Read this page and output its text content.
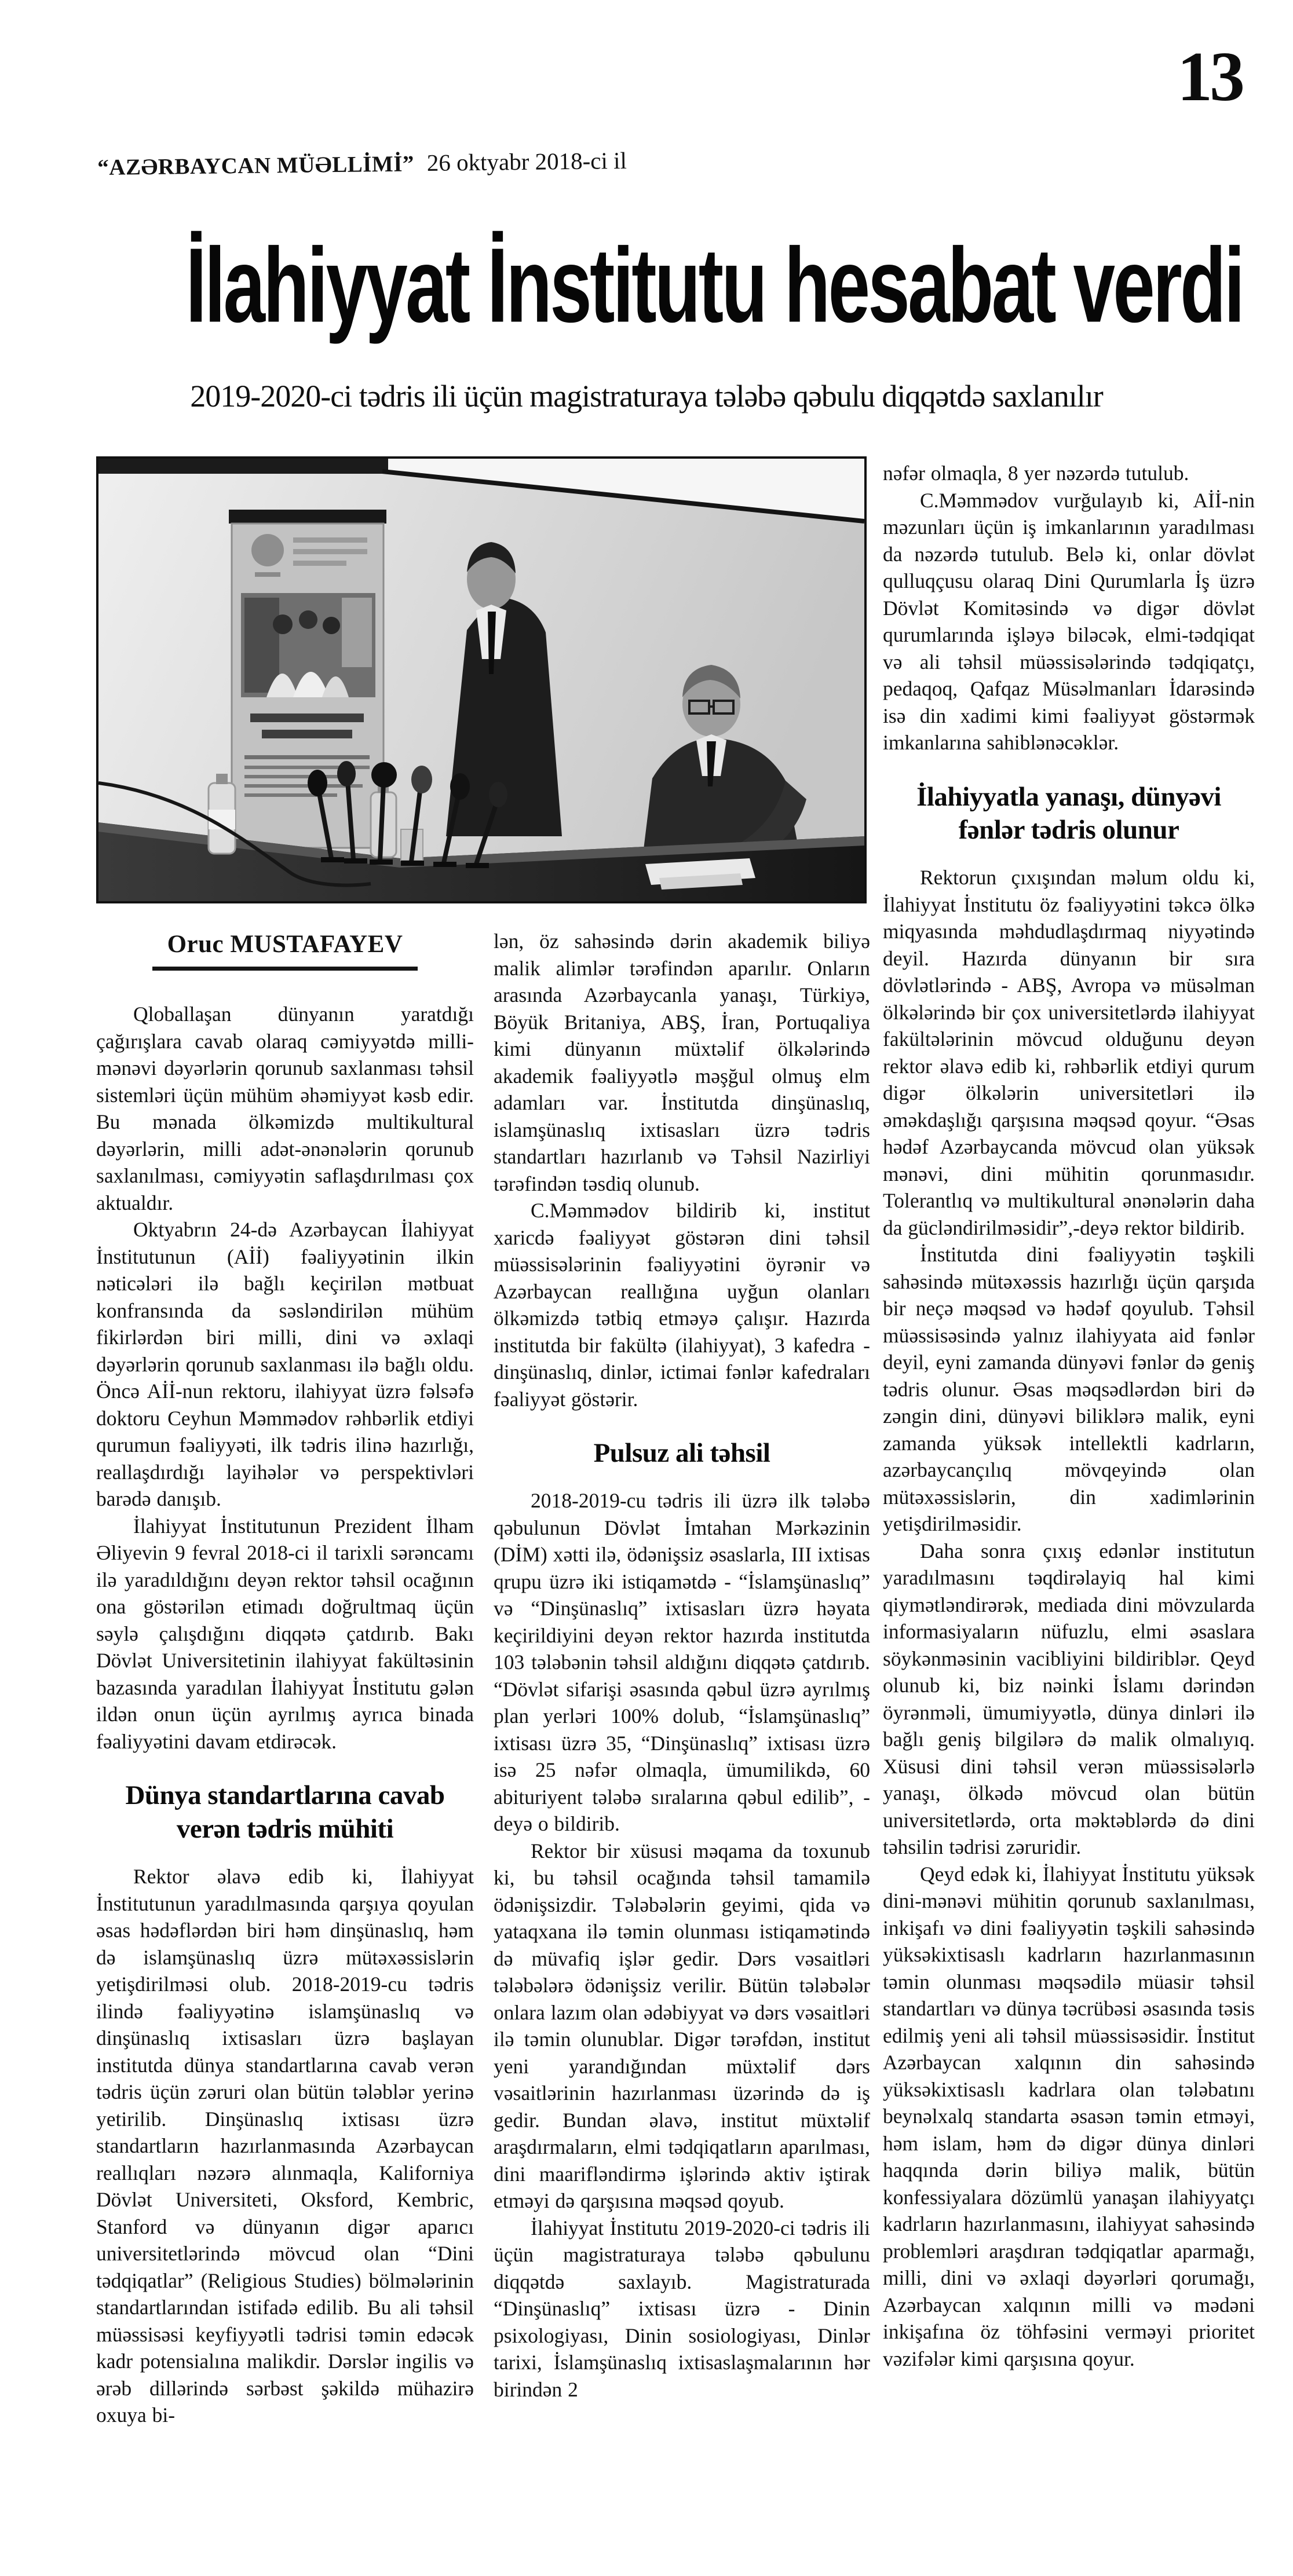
13
“AZƏRBAYCAN MÜƏLLİMİ” 26 oktyabr 2018-ci il
İlahiyyat İnstitutu hesabat verdi
2019-2020-ci tədris ili üçün magistraturaya tələbə qəbulu diqqətdə saxlanılır
Oruc MUSTAFAYEV

Qloballaşan dünyanın yaratdığı çağırışlara cavab olaraq cəmiyyətdə milli-mənəvi dəyərlərin qorunub saxlanması təhsil sistemləri üçün mühüm əhəmiyyət kəsb edir. Bu mənada ölkəmizdə multikultural dəyərlərin, milli adət-ənənələrin qorunub saxlanılması, cəmiyyətin saflaşdırılması çox aktualdır.

Oktyabrın 24-də Azərbaycan İlahiyyat İnstitutunun (Aİİ) fəaliyyətinin ilkin nəticələri ilə bağlı keçirilən mətbuat konfransında da səsləndirilən mühüm fikirlərdən biri milli, dini və əxlaqi dəyərlərin qorunub saxlanması ilə bağlı oldu. Öncə Aİİ-nun rektoru, ilahiyyat üzrə fəlsəfə doktoru Ceyhun Məmmədov rəhbərlik etdiyi qurumun fəaliyyəti, ilk tədris ilinə hazırlığı, reallaşdırdığı layihələr və perspektivləri barədə danışıb.

İlahiyyat İnstitutunun Prezident İlham Əliyevin 9 fevral 2018-ci il tarixli sərəncamı ilə yaradıldığını deyən rektor təhsil ocağının ona göstərilən etimadı doğrultmaq üçün səylə çalışdığını diqqətə çatdırıb. Bakı Dövlət Universitetinin ilahiyyat fakültəsinin bazasında yaradılan İlahiyyat İnstitutu gələn ildən onun üçün ayrılmış ayrıca binada fəaliyyətini davam etdirəcək.

Dünya standartlarına cavab verən tədris mühiti

Rektor əlavə edib ki, İlahiyyat İnstitutunun yaradılmasında qarşıya qoyulan əsas hədəflərdən biri həm dinşünaslıq, həm də islamşünaslıq üzrə mütəxəssislərin yetişdirilməsi olub. 2018-2019-cu tədris ilində fəaliyyətinə islamşünaslıq və dinşünaslıq ixtisasları üzrə başlayan institutda dünya standartlarına cavab verən tədris üçün zəruri olan bütün tələblər yerinə yetirilib. Dinşünaslıq ixtisası üzrə standartların hazırlanmasında Azərbaycan reallıqları nəzərə alınmaqla, Kaliforniya Dövlət Universiteti, Oksford, Kembric, Stanford və dünyanın digər aparıcı universitetlərində mövcud olan “Dini tədqiqatlar” (Religious Studies) bölmələrinin standartlarından istifadə edilib. Bu ali təhsil müəssisəsi keyfiyyətli tədrisi təmin edəcək kadr potensialına malikdir. Dərslər ingilis və ərəb dillərində sərbəst şəkildə mühazirə oxuya bi-

lən, öz sahəsində dərin akademik biliyə malik alimlər tərəfindən aparılır. Onların arasında Azərbaycanla yanaşı, Türkiyə, Böyük Britaniya, ABŞ, İran, Portuqaliya kimi dünyanın müxtəlif ölkələrində akademik fəaliyyətlə məşğul olmuş elm adamları var. İnstitutda dinşünaslıq, islamşünaslıq ixtisasları üzrə tədris standartları hazırlanıb və Təhsil Nazirliyi tərəfindən təsdiq olunub.

C.Məmmədov bildirib ki, institut xaricdə fəaliyyət göstərən dini təhsil müəssisələrinin fəaliyyətini öyrənir və Azərbaycan reallığına uyğun olanları ölkəmizdə tətbiq etməyə çalışır. Hazırda institutda bir fakültə (ilahiyyat), 3 kafedra - dinşünaslıq, dinlər, ictimai fənlər kafedraları fəaliyyət göstərir.

Pulsuz ali təhsil

2018-2019-cu tədris ili üzrə ilk tələbə qəbulunun Dövlət İmtahan Mərkəzinin (DİM) xətti ilə, ödənişsiz əsaslarla, III ixtisas qrupu üzrə iki istiqamətdə - “İslamşünaslıq” və “Dinşünaslıq” ixtisasları üzrə həyata keçirildiyini deyən rektor hazırda institutda 103 tələbənin təhsil aldığını diqqətə çatdırıb. “Dövlət sifarişi əsasında qəbul üzrə ayrılmış plan yerləri 100% dolub, “İslamşünaslıq” ixtisası üzrə 35, “Dinşünaslıq” ixtisası üzrə isə 25 nəfər olmaqla, ümumilikdə, 60 abituriyent tələbə sıralarına qəbul edilib”, - deyə o bildirib.

Rektor bir xüsusi məqama da toxunub ki, bu təhsil ocağında təhsil tamamilə ödənişsizdir. Tələbələrin geyimi, qida və yataqxana ilə təmin olunması istiqamətində də müvafiq işlər gedir. Dərs vəsaitləri tələbələrə ödənişsiz verilir. Bütün tələbələr onlara lazım olan ədəbiyyat və dərs vəsaitləri ilə təmin olunublar. Digər tərəfdən, institut yeni yarandığından müxtəlif dərs vəsaitlərinin hazırlanması üzərində də iş gedir. Bundan əlavə, institut müxtəlif araşdırmaların, elmi tədqiqatların aparılması, dini maarifləndirmə işlərində aktiv iştirak etməyi də qarşısına məqsəd qoyub.

İlahiyyat İnstitutu 2019-2020-ci tədris ili üçün magistraturaya tələbə qəbulunu diqqətdə saxlayıb. Magistraturada “Dinşünaslıq” ixtisası üzrə - Dinin psixologiyası, Dinin sosiologiyası, Dinlər tarixi, İslamşünaslıq ixtisaslaşmalarının hər birindən 2

nəfər olmaqla, 8 yer nəzərdə tutulub.

C.Məmmədov vurğulayıb ki, Aİİ-nin məzunları üçün iş imkanlarının yaradılması da nəzərdə tutulub. Belə ki, onlar dövlət qulluqçusu olaraq Dini Qurumlarla İş üzrə Dövlət Komitəsində və digər dövlət qurumlarında işləyə biləcək, elmi-tədqiqat və ali təhsil müəssisələrində tədqiqatçı, pedaqoq, Qafqaz Müsəlmanları İdarəsində isə din xadimi kimi fəaliyyət göstərmək imkanlarına sahiblənəcəklər.

İlahiyyatla yanaşı, dünyəvi fənlər tədris olunur

Rektorun çıxışından məlum oldu ki, İlahiyyat İnstitutu öz fəaliyyətini təkcə ölkə miqyasında məhdudlaşdırmaq niyyətində deyil. Hazırda dünyanın bir sıra dövlətlərində - ABŞ, Avropa və müsəlman ölkələrində bir çox universitetlərdə ilahiyyat fakültələrinin mövcud olduğunu deyən rektor əlavə edib ki, rəhbərlik etdiyi qurum digər ölkələrin universitetləri ilə əməkdaşlığı qarşısına məqsəd qoyur. “Əsas hədəf Azərbaycanda mövcud olan yüksək mənəvi, dini mühitin qorunmasıdır. Tolerantlıq və multikultural ənənələrin daha da gücləndirilməsidir”,-deyə rektor bildirib.

İnstitutda dini fəaliyyətin təşkili sahəsində mütəxəssis hazırlığı üçün qarşıda bir neçə məqsəd və hədəf qoyulub. Təhsil müəssisəsində yalnız ilahiyyata aid fənlər deyil, eyni zamanda dünyəvi fənlər də geniş tədris olunur. Əsas məqsədlərdən biri də zəngin dini, dünyəvi biliklərə malik, eyni zamanda yüksək intellektli kadrların, azərbaycançılıq mövqeyində olan mütəxəssislərin, din xadimlərinin yetişdirilməsidir.

Daha sonra çıxış edənlər institutun yaradılmasını təqdirəlayiq hal kimi qiymətləndirərək, mediada dini mövzularda informasiyaların nüfuzlu, elmi əsaslara söykənməsinin vacibliyini bildiriblər. Qeyd olunub ki, biz nəinki İslamı dərindən öyrənməli, ümumiyyətlə, dünya dinləri ilə bağlı geniş bilgilərə də malik olmalıyıq. Xüsusi dini təhsil verən müəssisələrlə yanaşı, ölkədə mövcud olan bütün universitetlərdə, orta məktəblərdə də dini təhsilin tədrisi zəruridir.

Qeyd edək ki, İlahiyyat İnstitutu yüksək dini-mənəvi mühitin qorunub saxlanılması, inkişafı və dini fəaliyyətin təşkili sahəsində yüksəkixtisaslı kadrların hazırlanmasının təmin olunması məqsədilə müasir təhsil standartları və dünya təcrübəsi əsasında təsis edilmiş yeni ali təhsil müəssisəsidir. İnstitut Azərbaycan xalqının din sahəsində yüksəkixtisaslı kadrlara olan tələbatını beynəlxalq standarta əsasən təmin etməyi, həm islam, həm də digər dünya dinləri haqqında dərin biliyə malik, bütün konfessiyalara dözümlü yanaşan ilahiyyatçı kadrların hazırlanmasını, ilahiyyat sahəsində problemləri araşdıran tədqiqatlar aparmağı, milli, dini və əxlaqi dəyərləri qorumağı, Azərbaycan xalqının milli və mədəni inkişafına öz töhfəsini verməyi prioritet vəzifələr kimi qarşısına qoyur.
